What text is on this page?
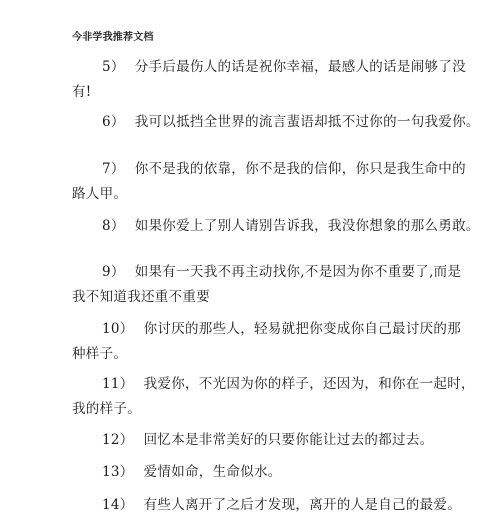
今非学我推荐文档
5） 分手后最伤人的话是祝你幸福，最感人的话是闹够了没
有!
6） 我可以抵挡全世界的流言蜚语却抵不过你的一句我爱你。
7） 你不是我的依靠，你不是我的信仰，你只是我生命中的
路人甲。
8） 如果你爱上了别人请别告诉我，我没你想象的那么勇敢。
9） 如果有一天我不再主动找你,不是因为你不重要了,而是
我不知道我还重不重要
10） 你讨厌的那些人，轻易就把你变成你自己最讨厌的那
种样子。
11） 我爱你，不光因为你的样子，还因为，和你在一起时，
我的样子。
12） 回忆本是非常美好的只要你能让过去的都过去。
13） 爱情如命，生命似水。
14） 有些人离开了之后才发现，离开的人是自己的最爱。
